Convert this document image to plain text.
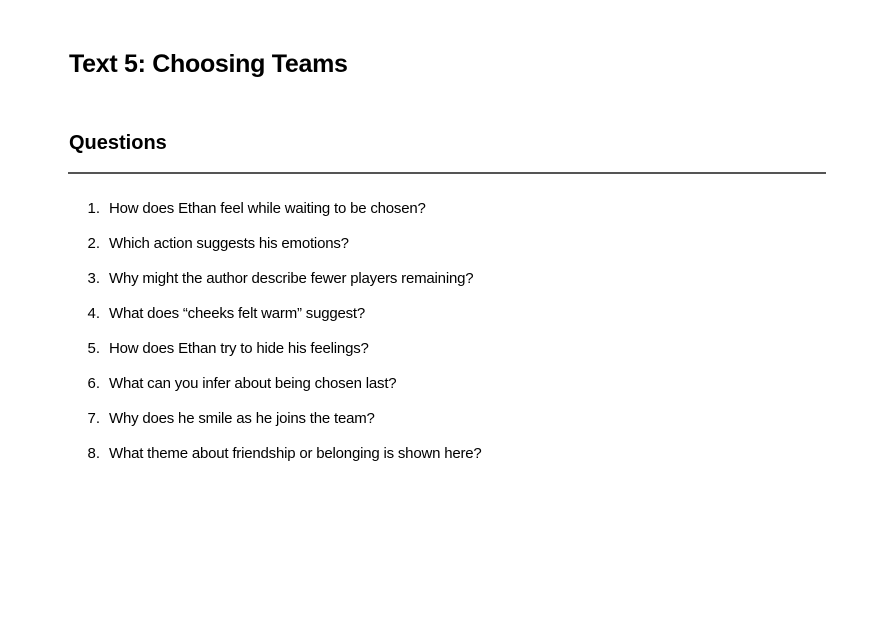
Text 5: Choosing Teams
Questions
1. How does Ethan feel while waiting to be chosen?
2. Which action suggests his emotions?
3. Why might the author describe fewer players remaining?
4. What does “cheeks felt warm” suggest?
5. How does Ethan try to hide his feelings?
6. What can you infer about being chosen last?
7. Why does he smile as he joins the team?
8. What theme about friendship or belonging is shown here?
